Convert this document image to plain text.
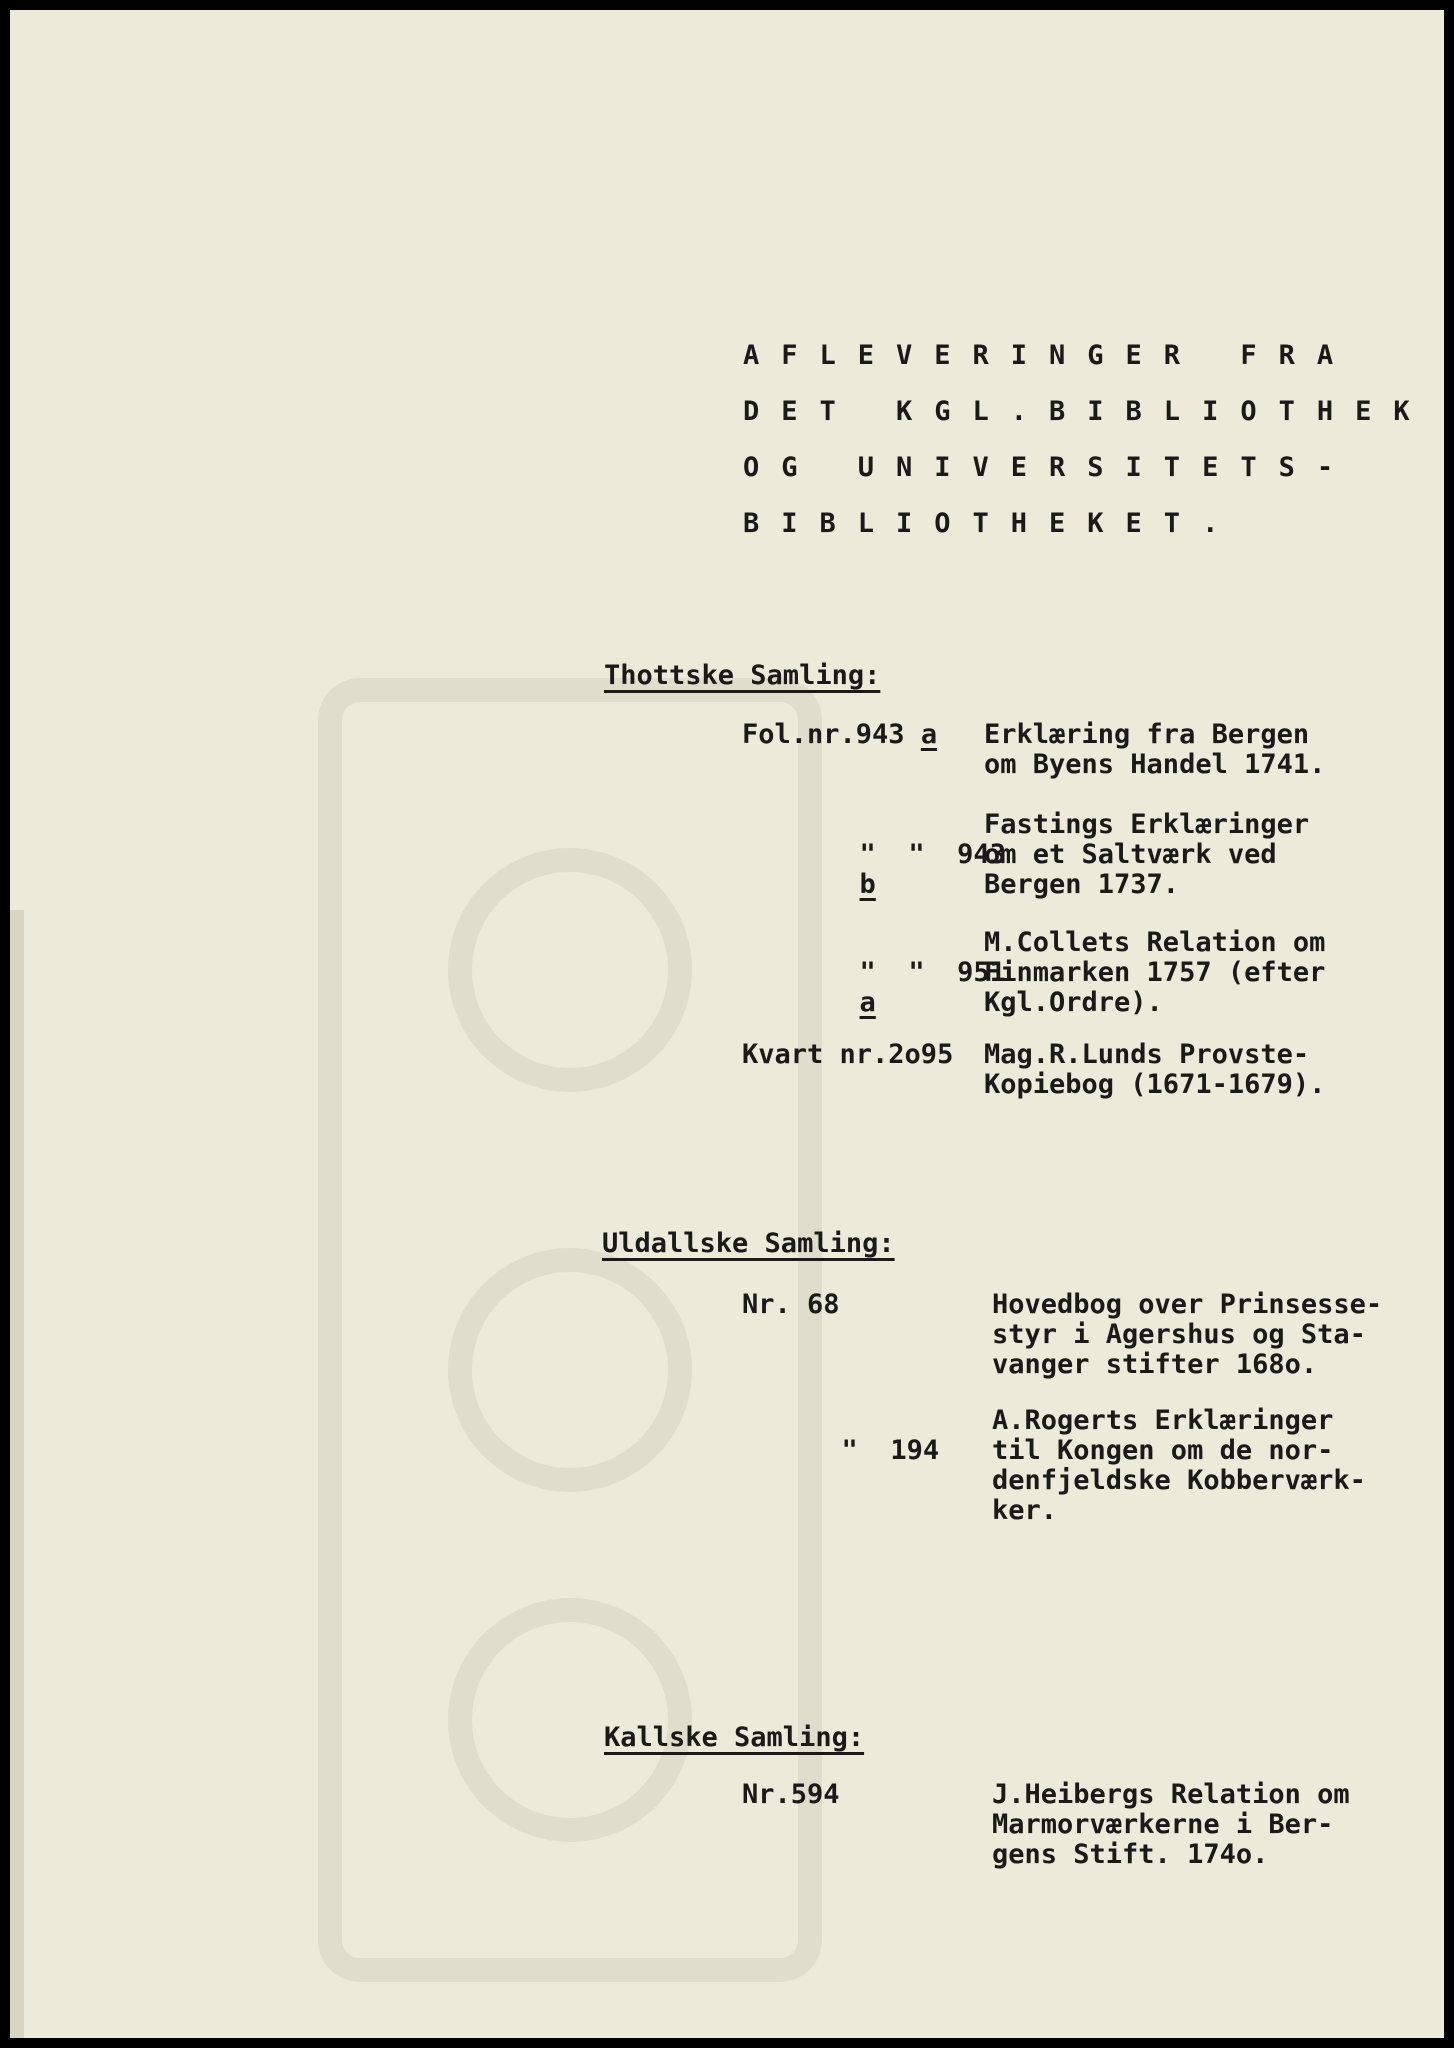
AFLEVERINGER FRA
DET KGL.BIBLIOTHEK
OG UNIVERSITETS-
BIBLIOTHEKET.
Thottske Samling:
Fol.nr.943 a Erklæring fra Bergen
om Byens Handel 1741.

"  "  943
b

Fastings Erklæringer
om et Saltværk ved
Bergen 1737.

"  "  951
a

M.Collets Relation om
Finmarken 1757 (efter
Kgl.Ordre).
Kvart nr.2o95 Mag.R.Lunds Provste-
Kopiebog (1671-1679).
Uldallske Samling:
Nr. 68	Hovedbog over Prinsesse-
styr i Agershus og Sta-
vanger stifter 168o.

"  194

A.Rogerts Erklæringer
til Kongen om de nor-
denfjeldske Kobberværk-
ker.
Kallske Samling:
Nr.594	J.Heibergs Relation om
Marmorværkerne i Ber-
gens Stift. 174o.
